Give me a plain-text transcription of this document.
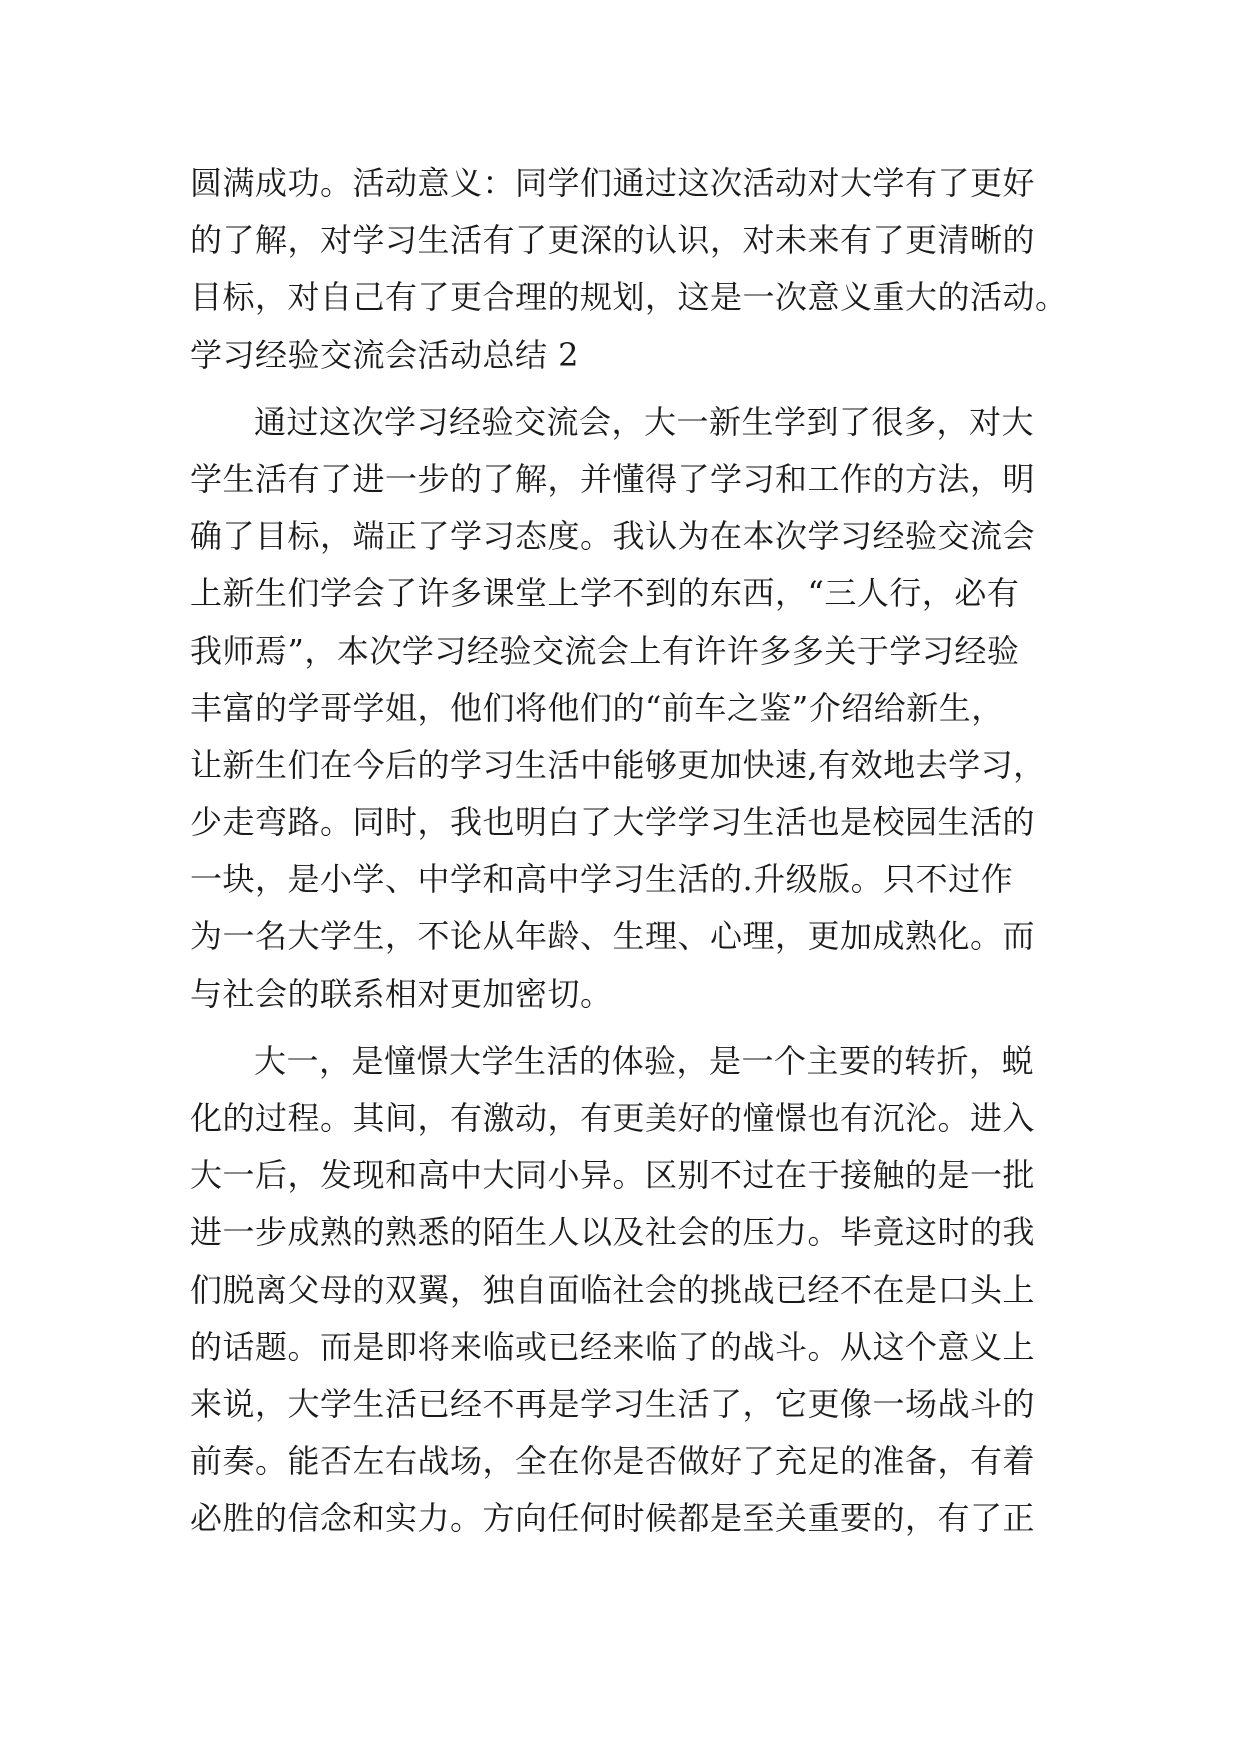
圆满成功。活动意义：同学们通过这次活动对大学有了更好
的了解，对学习生活有了更深的认识，对未来有了更清晰的
目标，对自己有了更合理的规划，这是一次意义重大的活动。
学习经验交流会活动总结 2
通过这次学习经验交流会，大一新生学到了很多，对大
学生活有了进一步的了解，并懂得了学习和工作的方法，明
确了目标，端正了学习态度。我认为在本次学习经验交流会
上新生们学会了许多课堂上学不到的东西，“三人行，必有
我师焉”，本次学习经验交流会上有许许多多关于学习经验
丰富的学哥学姐，他们将他们的“前车之鉴”介绍给新生，
让新生们在今后的学习生活中能够更加快速,有效地去学习，
少走弯路。同时，我也明白了大学学习生活也是校园生活的
一块，是小学、中学和高中学习生活的.升级版。只不过作
为一名大学生，不论从年龄、生理、心理，更加成熟化。而
与社会的联系相对更加密切。
大一，是憧憬大学生活的体验，是一个主要的转折，蜕
化的过程。其间，有激动，有更美好的憧憬也有沉沦。进入
大一后，发现和高中大同小异。区别不过在于接触的是一批
进一步成熟的熟悉的陌生人以及社会的压力。毕竟这时的我
们脱离父母的双翼，独自面临社会的挑战已经不在是口头上
的话题。而是即将来临或已经来临了的战斗。从这个意义上
来说，大学生活已经不再是学习生活了，它更像一场战斗的
前奏。能否左右战场，全在你是否做好了充足的准备，有着
必胜的信念和实力。方向任何时候都是至关重要的，有了正
